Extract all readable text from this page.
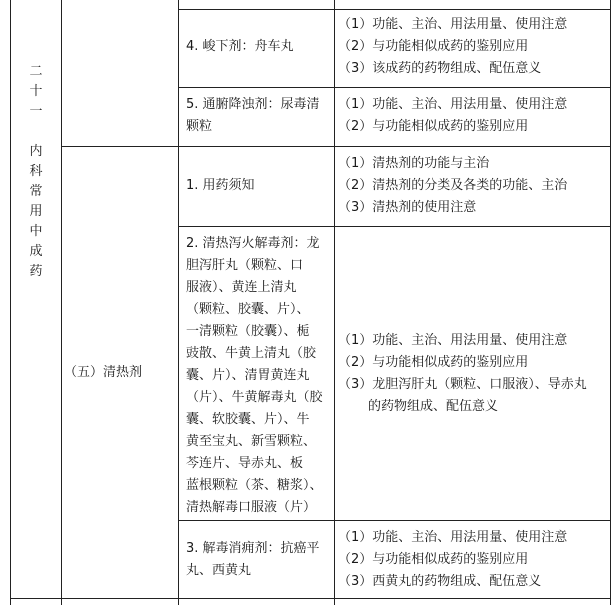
二
十
一
内
科
常
用
中
成
药
（五）清热剂
4. 峻下剂：舟车丸
（1）功能、主治、用法用量、使用注意
（2）与功能相似成药的鉴别应用
（3）该成药的药物组成、配伍意义
5. 通腑降浊剂：尿毒清
颗粒
（1）功能、主治、用法用量、使用注意
（2）与功能相似成药的鉴别应用
1. 用药须知
（1）清热剂的功能与主治
（2）清热剂的分类及各类的功能、主治
（3）清热剂的使用注意
2. 清热泻火解毒剂：龙
胆泻肝丸（颗粒、口
服液）、黄连上清丸
（颗粒、胶囊、片）、
一清颗粒（胶囊）、栀
豉散、牛黄上清丸（胶
囊、片）、清胃黄连丸
（片）、牛黄解毒丸（胶
囊、软胶囊、片）、牛
黄至宝丸、新雪颗粒、
芩连片、导赤丸、板
蓝根颗粒（茶、糖浆）、
清热解毒口服液（片）
（1）功能、主治、用法用量、使用注意
（2）与功能相似成药的鉴别应用
（3）龙胆泻肝丸（颗粒、口服液）、导赤丸
的药物组成、配伍意义
3. 解毒消痈剂：抗癌平
丸、西黄丸
（1）功能、主治、用法用量、使用注意
（2）与功能相似成药的鉴别应用
（3）西黄丸的药物组成、配伍意义
